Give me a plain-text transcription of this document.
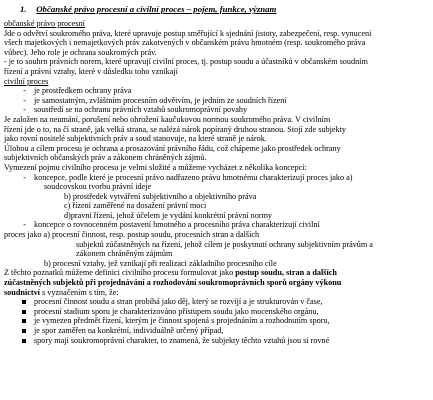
1. Občanské právo procesní a civilní proces – pojem, funkce, význam
občanské právo procesní
Jde o odvětví soukromého práva, které upravuje postup směřující k sjednání jistoty, zabezpečení, resp. vynucení
všech majetkových i nemajetkových práv zakotvených v občanském právu hmotném (resp. soukromého práva
vůbec). Jeho role je ochrana soukromých práv.
- je to souhrn právních norem, které upravují civilní proces, tj. postup soudu a účastníků v občanském soudním
řízení a právní vztahy, které v důsledku toho vznikají
civilní proces
- je prostředkem ochrany práva
- je samostatným, zvláštním procesním odvětvím, je jedním ze soudních řízení
- soustředí se na ochranu právních vztahů soukromoprávní povahy
Je založen na neumání, porušení nebo ohrožení kaučukovou normou soukromého práva. V civilním
řízení jde o to, na čí straně, jak velká strana, se nalézá nárok popíraný druhou stranou. Stojí zde subjekty
jako rovní nositelé subjektivních práv a soud stanovuje, na které straně je nárok.
Úlohou a cílem procesu je ochrana a prosazování právního řádu, což chápeme jako prostředek ochrany
subjektivních občanských práv a zákonem chráněných zájmů.
Vymezení pojmu civilního procesu je velmi složité a můžeme vycházet z několika koncepcí:
- koncepce, podle které je procesní právo nadřazeno právu hmotnému charakterizují proces jako a)
soudcovskou tvorbu právní ideje
b) prostředek vytváření subjektivního a objektivního práva
c) řízení zaměřené na dosažení právní moci
d)pravní řízení, jehož účelem je vydání konkrétní právní normy
- koncepce o rovnocenném postavení hmotného a procesního práva charakterizují civilní
proces jako a) procesní činnost, resp. postup soudu, procesních stran a dalších
subjektů zúčastněných na řízení, jehož cílem je poskytnutí ochrany subjektivním právům a
zákonem chráněným zájmům
b) procesní vztahy, jež vznikají při realizaci základního procesního cíle
Z těchto poznatků můžeme definici civilního procesu formulovat jako postup soudu, stran a dalších
zúčastněných subjektů při projednávání a rozhodování soukromoprávních sporů orgány výkonu
soudnictví s vyznačením s tím, že:
procesní činnost soudu a stran probíhá jako děj, který se rozvíjí a je strukturován v čase,
procesní stadium sporu je charakterizováno přístupem soudu jako mocenského orgánu,
je vymezen předmět řízení, kterým je činnost spojená s projednáním a rozhodnutím sporu,
je spor zaměřen na konkrétní, individuálně určený případ,
spory mají soukromoprávní charakter, to znamená, že subjekty těchto vztahů jsou si rovné
